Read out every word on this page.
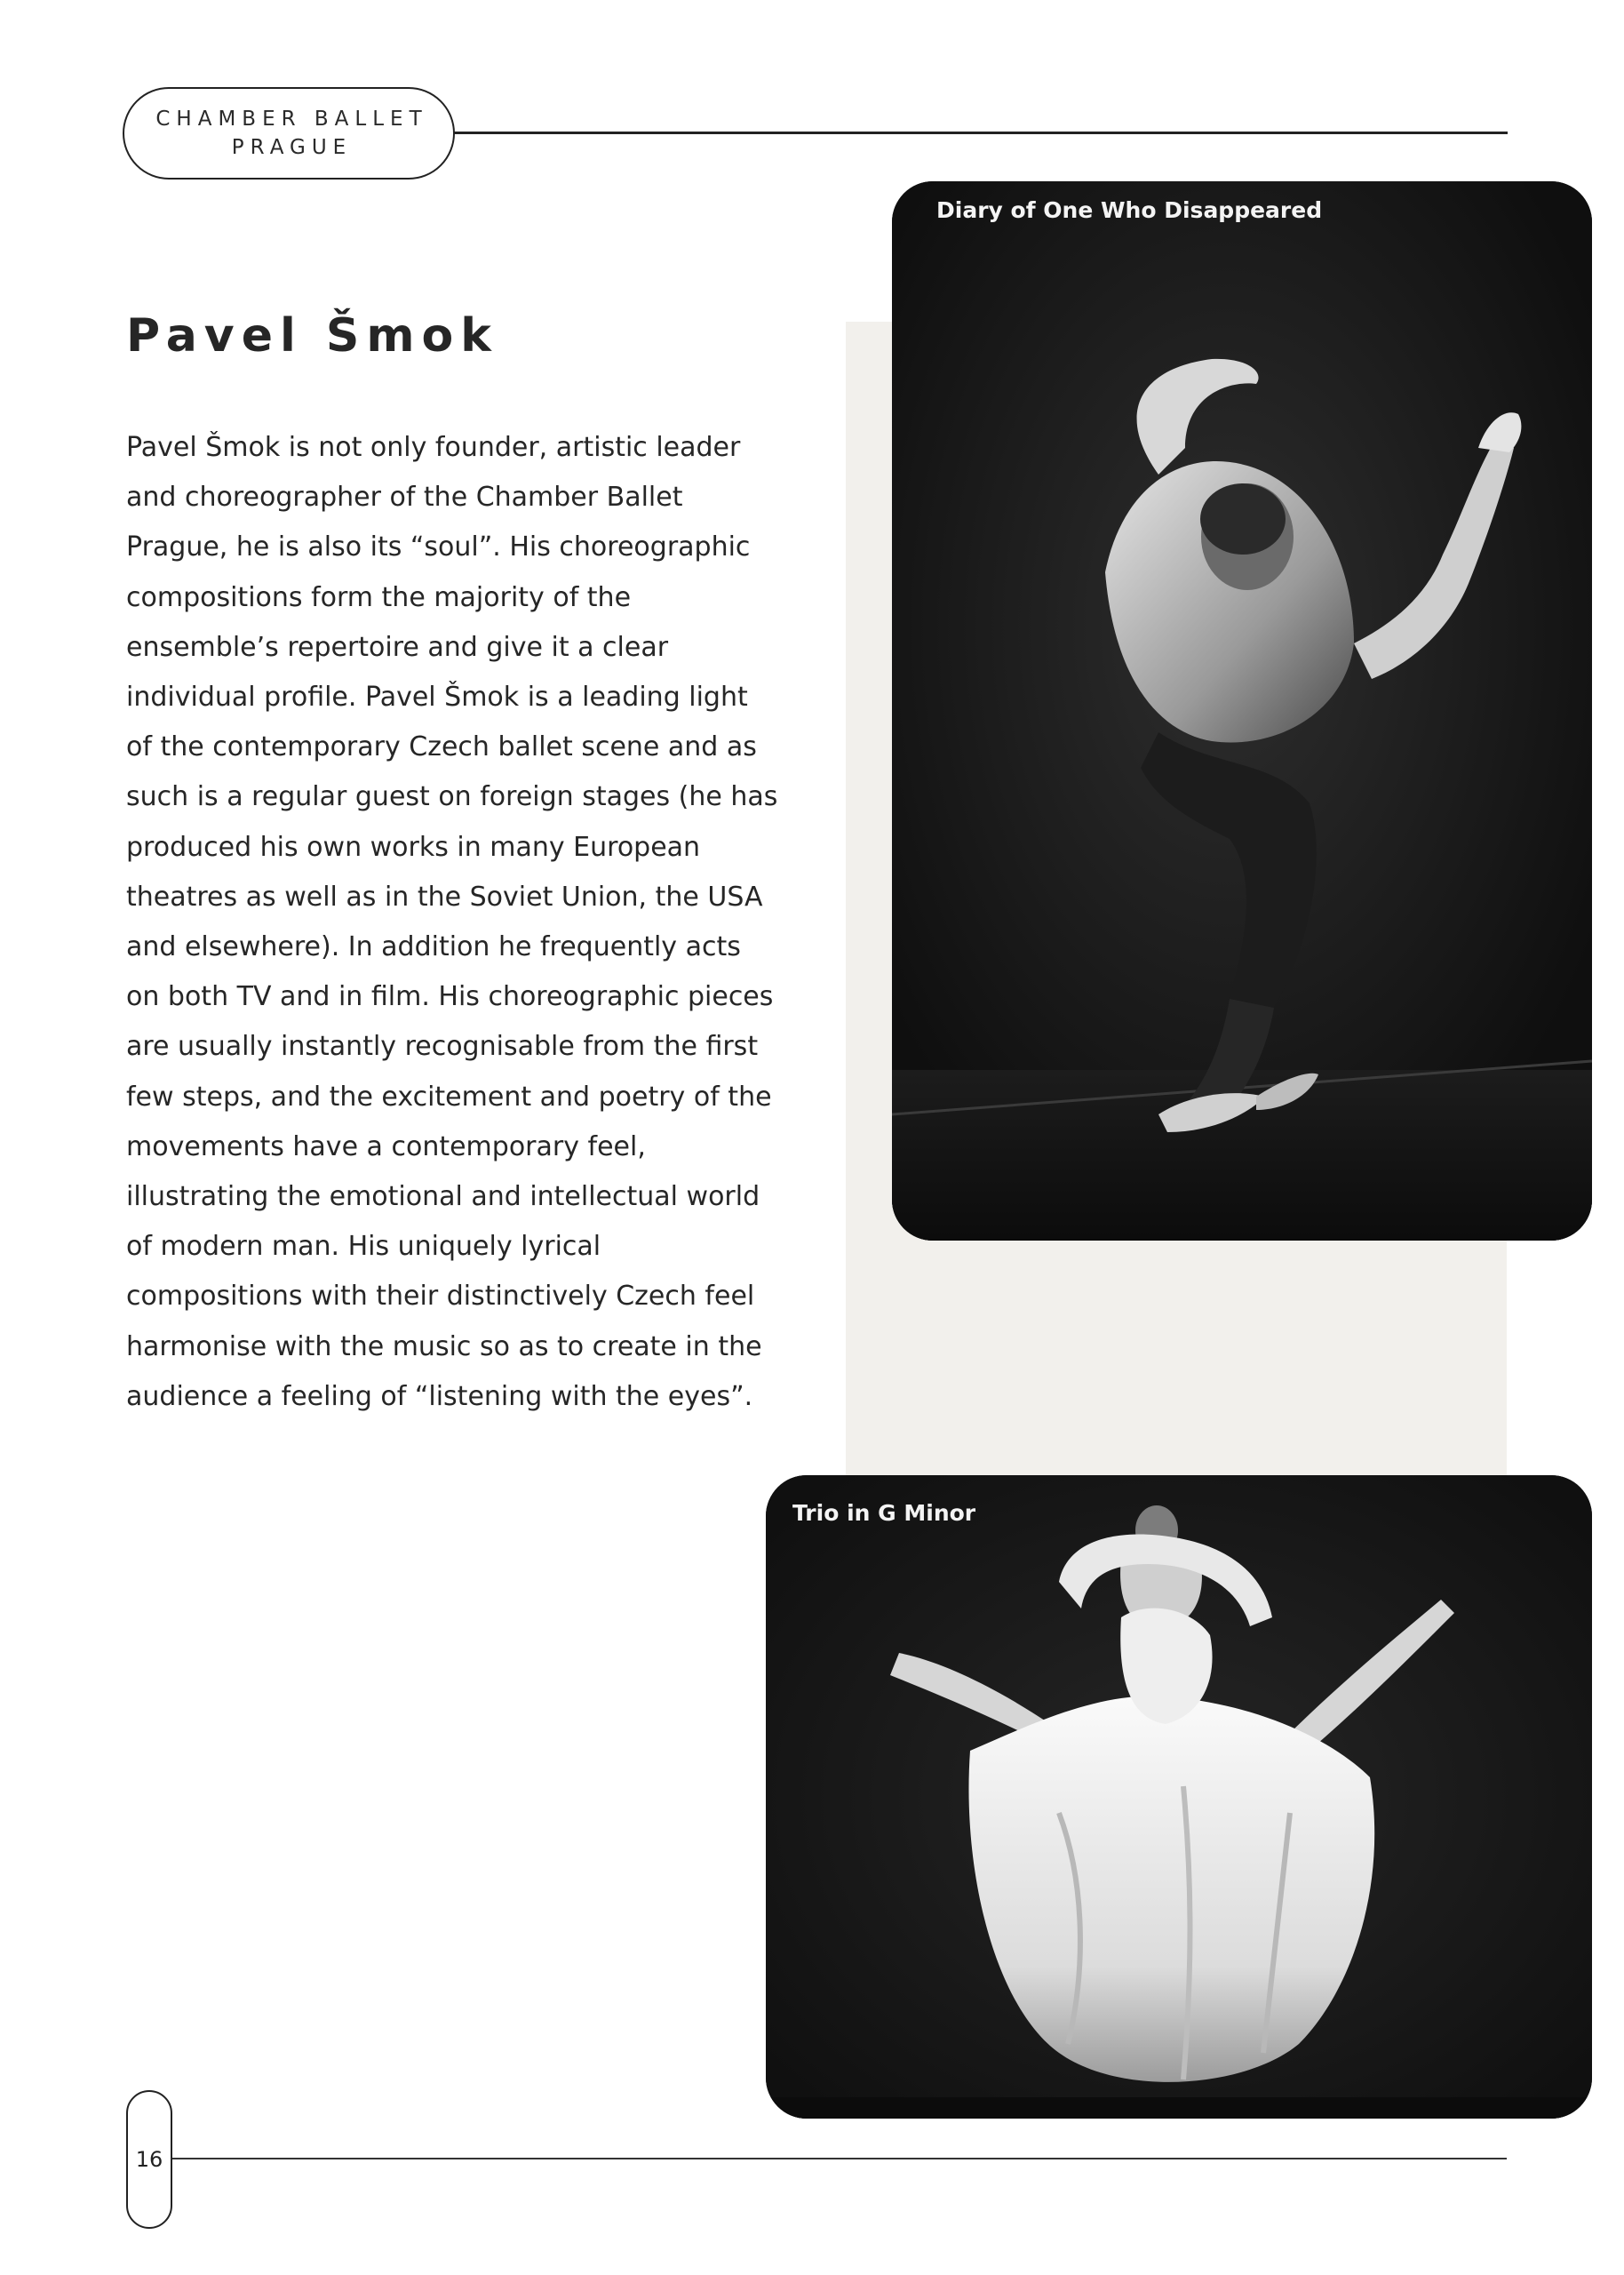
CHAMBER BALLET
PRAGUE
Pavel Šmok

Pavel Šmok is not only founder, artistic leader
and choreographer of the Chamber Ballet
Prague, he is also its “soul”. His choreographic
compositions form the majority of the
ensemble’s repertoire and give it a clear
individual profile. Pavel Šmok is a leading light
of the contemporary Czech ballet scene and as
such is a regular guest on foreign stages (he has
produced his own works in many European
theatres as well as in the Soviet Union, the USA
and elsewhere). In addition he frequently acts
on both TV and in film. His choreographic pieces
are usually instantly recognisable from the first
few steps, and the excitement and poetry of the
movements have a contemporary feel,
illustrating the emotional and intellectual world
of modern man. His uniquely lyrical
compositions with their distinctively Czech feel
harmonise with the music so as to create in the
audience a feeling of “listening with the eyes”.

Diary of One Who Disappeared
Trio in G Minor
16
